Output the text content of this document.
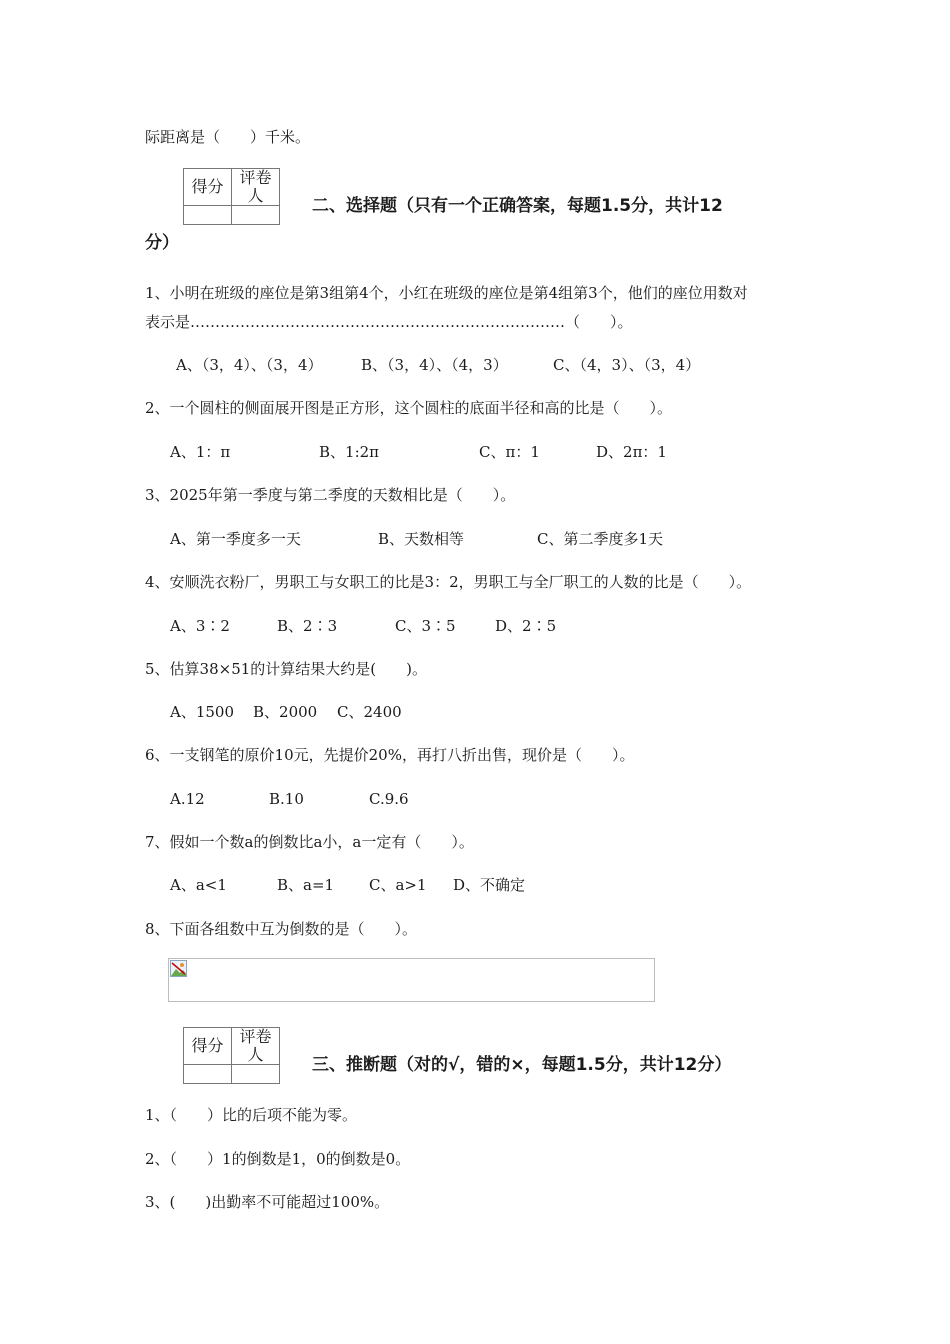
际距离是（　　）千米。
得分	评卷人

二、选择题（只有一个正确答案，每题1.5分，共计12
分）
1、小明在班级的座位是第3组第4个，小红在班级的座位是第4组第3个，他们的座位用数对
表示是…………………………………………………………………（　　）。
A、（3，4）、（3，4）	B、（3，4）、（4，3）	C、（4，3）、（3，4）
2、一个圆柱的侧面展开图是正方形，这个圆柱的底面半径和高的比是（　　）。
A、1：π	B、1:2π	C、π：1	D、2π：1
3、2025年第一季度与第二季度的天数相比是（　　）。
A、第一季度多一天	B、天数相等	C、第二季度多1天
4、安顺洗衣粉厂，男职工与女职工的比是3：2，男职工与全厂职工的人数的比是（　　）。
A、3∶2	B、2∶3	C、3∶5	D、2∶5
5、估算38×51的计算结果大约是(　　)。
A、1500 B、2000 C、2400
6、一支钢笔的原价10元，先提价20%，再打八折出售，现价是（　　）。
A.12	B.10	C.9.6
7、假如一个数a的倒数比a小，a一定有（　　）。
A、a<1	B、a=1 C、a>1 D、不确定
8、下面各组数中互为倒数的是（　　）。
得分	评卷人

三、推断题（对的√，错的×，每题1.5分，共计12分）
1、（　　）比的后项不能为零。
2、（　　）1的倒数是1，0的倒数是0。
3、(　　)出勤率不可能超过100%。
